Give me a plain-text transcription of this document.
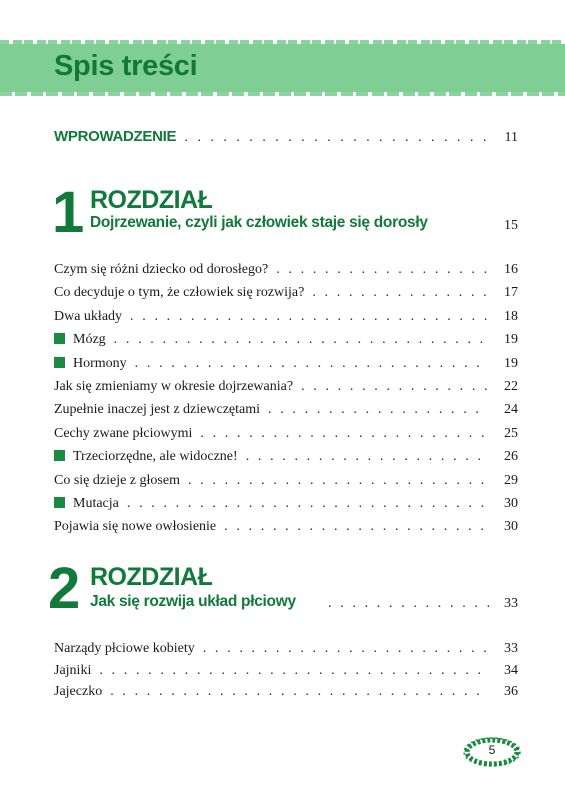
Spis treści
WPROWADZENIE . . .	11
1 ROZDZIAŁ
Dojrzewanie, czyli jak człowiek staje się dorosły	15
Czym się różni dziecko od dorosłego? . . .	16
Co decyduje o tym, że człowiek się rozwija? . . .	17
Dwa układy . . .	18
Mózg . . .	19
Hormony . . .	19
Jak się zmieniamy w okresie dojrzewania? . . .	22
Zupełnie inaczej jest z dziewczętami . . .	24
Cechy zwane płciowymi . . .	25
Trzeciorzędne, ale widoczne! . . .	26
Co się dzieje z głosem . . .	29
Mutacja . . .	30
Pojawia się nowe owłosienie . . .	30
2 ROZDZIAŁ
Jak się rozwija układ płciowy . . .	33
Narządy płciowe kobiety . . .	33
Jajniki . . .	34
Jajeczko . . .	36
5
